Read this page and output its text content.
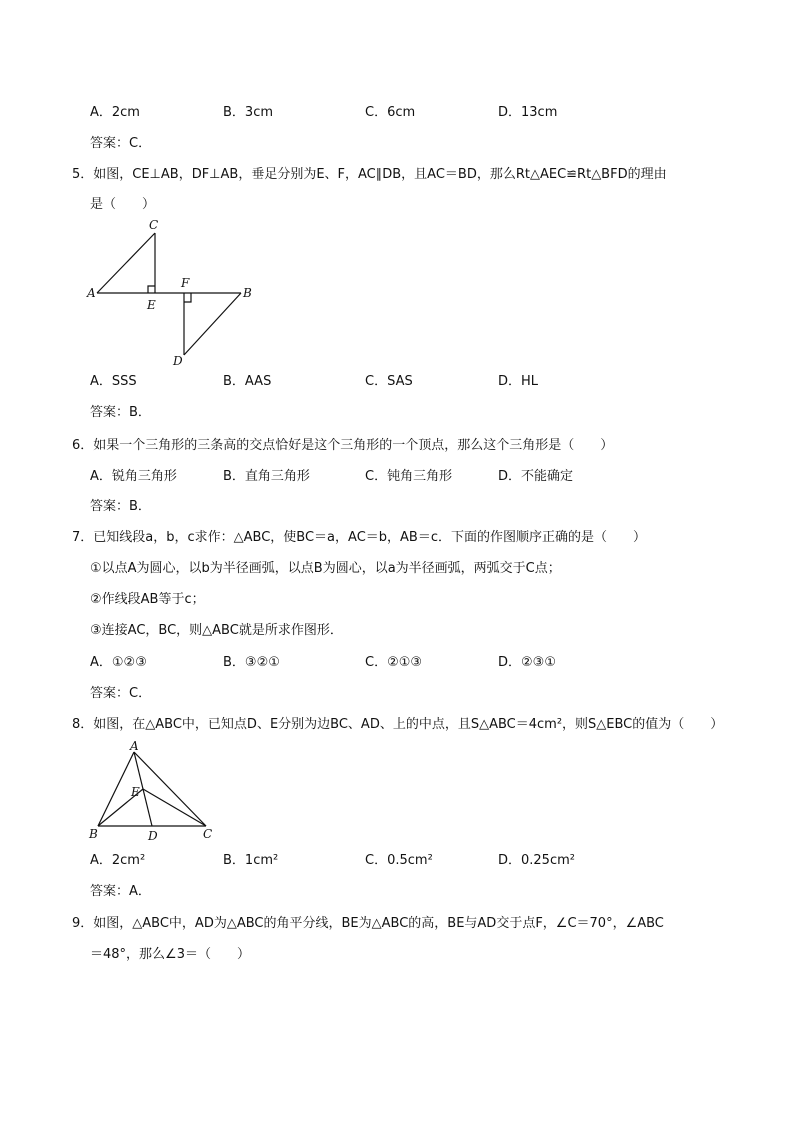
A．2cm	B．3cm	C．6cm	D．13cm
答案：C．
5．如图，CE⊥AB，DF⊥AB，垂足分别为E、F，AC∥DB，且AC＝BD，那么Rt△AEC≌Rt△BFD的理由
是（　　）
A
C
E
F
B
D
A．SSS	B．AAS	C．SAS	D．HL
答案：B．
6．如果一个三角形的三条高的交点恰好是这个三角形的一个顶点，那么这个三角形是（　　）
A．锐角三角形	B．直角三角形	C．钝角三角形	D．不能确定
答案：B．
7．已知线段a，b，c求作：△ABC，使BC＝a，AC＝b，AB＝c．下面的作图顺序正确的是（　　）
①以点A为圆心，以b为半径画弧，以点B为圆心，以a为半径画弧，两弧交于C点；
②作线段AB等于c；
③连接AC，BC，则△ABC就是所求作图形．
A．①②③	B．③②①	C．②①③	D．②③①
答案：C．
8．如图，在△ABC中，已知点D、E分别为边BC、AD、上的中点，且S△ABC＝4cm²，则S△EBC的值为（　　）
A
E
B	D	C
A．2cm²	B．1cm²	C．0.5cm²	D．0.25cm²
答案：A．
9．如图，△ABC中，AD为△ABC的角平分线，BE为△ABC的高，BE与AD交于点F，∠C＝70°，∠ABC
＝48°，那么∠3＝（　　）
